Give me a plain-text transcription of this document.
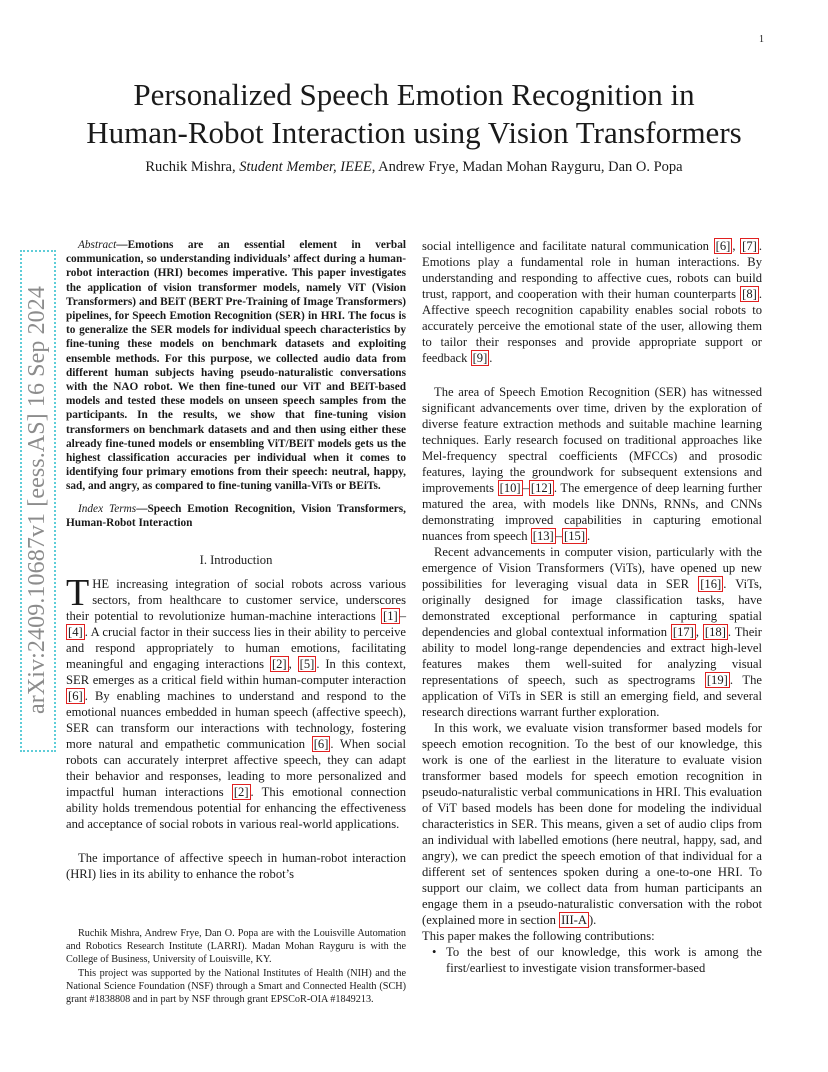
1
arXiv:2409.10687v1 [eess.AS] 16 Sep 2024
Personalized Speech Emotion Recognition in
Human-Robot Interaction using Vision Transformers
Ruchik Mishra, Student Member, IEEE, Andrew Frye, Madan Mohan Rayguru, Dan O. Popa

Abstract—Emotions are an essential element in verbal communication, so understanding individuals’ affect during a human-robot interaction (HRI) becomes imperative. This paper investigates the application of vision transformer models, namely ViT (Vision Transformers) and BEiT (BERT Pre-Training of Image Transformers) pipelines, for Speech Emotion Recognition (SER) in HRI. The focus is to generalize the SER models for individual speech characteristics by fine-tuning these models on benchmark datasets and exploiting ensemble methods. For this purpose, we collected audio data from different human subjects having pseudo-naturalistic conversations with the NAO robot. We then fine-tuned our ViT and BEiT-based models and tested these models on unseen speech samples from the participants. In the results, we show that fine-tuning vision transformers on benchmark datasets and and then using either these already fine-tuned models or ensembling ViT/BEiT models gets us the highest classification accuracies per individual when it comes to identifying four primary emotions from their speech: neutral, happy, sad, and angry, as compared to fine-tuning vanilla-ViTs or BEiTs.

Index Terms—Speech Emotion Recognition, Vision Transformers, Human-Robot Interaction

I. Introduction

THE increasing integration of social robots across various sectors, from healthcare to customer service, underscores their potential to revolutionize human-machine interactions [1] –[4] . A crucial factor in their success lies in their ability to perceive and respond appropriately to human emotions, facilitating meaningful and engaging interactions [2] , [5] . In this context, SER emerges as a critical field within human-computer interaction [6] . By enabling machines to understand and respond to the emotional nuances embedded in human speech (affective speech), SER can transform our interactions with technology, fostering more natural and empathetic communication [6] . When social robots can accurately interpret affective speech, they can adapt their behavior and responses, leading to more personalized and impactful human interactions [2] . This emotional connection ability holds tremendous potential for enhancing the effectiveness and acceptance of social robots in various real-world applications.

The importance of affective speech in human-robot interaction (HRI) lies in its ability to enhance the robot’s

Ruchik Mishra, Andrew Frye, Dan O. Popa are with the Louisville Automation and Robotics Research Institute (LARRI). Madan Mohan Rayguru is with the College of Business, University of Louisville, KY.

This project was supported by the National Institutes of Health (NIH) and the National Science Foundation (NSF) through a Smart and Connected Health (SCH) grant #1838808 and in part by NSF through grant EPSCoR-OIA #1849213.

social intelligence and facilitate natural communication [6] , [7] . Emotions play a fundamental role in human interactions. By understanding and responding to affective cues, robots can build trust, rapport, and cooperation with their human counterparts [8] . Affective speech recognition capability enables social robots to accurately perceive the emotional state of the user, allowing them to tailor their responses and provide appropriate support or feedback [9] .

The area of Speech Emotion Recognition (SER) has witnessed significant advancements over time, driven by the exploration of diverse feature extraction methods and suitable machine learning techniques. Early research focused on traditional approaches like Mel-frequency spectral coefficients (MFCCs) and prosodic features, laying the groundwork for subsequent extensions and improvements [10] – [12] . The emergence of deep learning further matured the area, with models like DNNs, RNNs, and CNNs demonstrating improved capabilities in capturing emotional nuances from speech [13] – [15] .

Recent advancements in computer vision, particularly with the emergence of Vision Transformers (ViTs), have opened up new possibilities for leveraging visual data in SER [16] . ViTs, originally designed for image classification tasks, have demonstrated exceptional performance in capturing spatial dependencies and global contextual information [17] , [18] . Their ability to model long-range dependencies and extract high-level features makes them well-suited for analyzing visual representations of speech, such as spectrograms [19] . The application of ViTs in SER is still an emerging field, and several research directions warrant further exploration.

In this work, we evaluate vision transformer based models for speech emotion recognition. To the best of our knowledge, this work is one of the earliest in the literature to evaluate vision transformer based models for speech emotion recognition in pseudo-naturalistic verbal communications in HRI. This evaluation of ViT based models has been done for modeling the individual characteristics in SER. This means, given a set of audio clips from an individual with labelled emotions (here neutral, happy, sad, and angry), we can predict the speech emotion of that individual for a different set of sentences spoken during a one-to-one HRI. To support our claim, we collect data from human participants an engage them in a pseudo-naturalistic conversation with the robot (explained more in section III-A ).

This paper makes the following contributions:

• To the best of our knowledge, this work is among the first/earliest to investigate vision transformer-based
